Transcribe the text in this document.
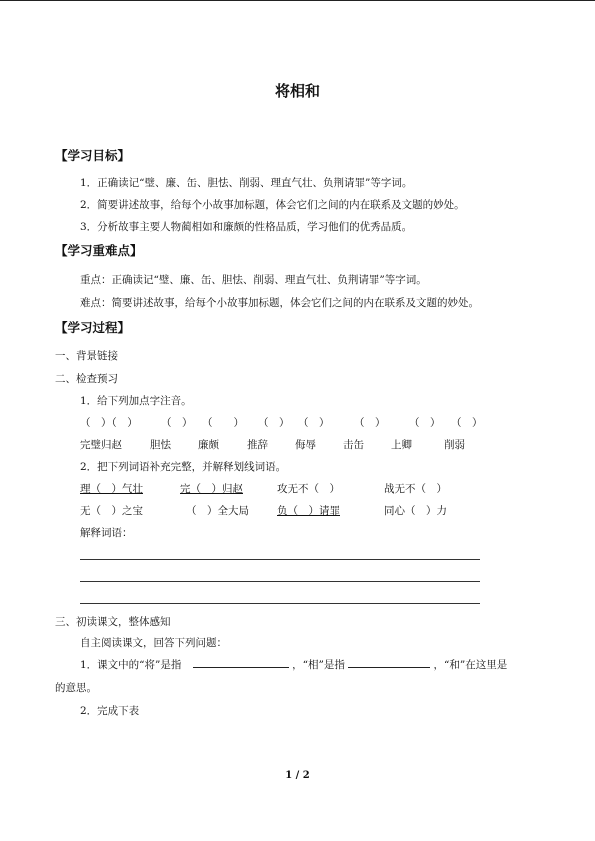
将相和
【学习目标】
1．正确读记“璧、廉、缶、胆怯、削弱、理直气壮、负荆请罪”等字词。
2．简要讲述故事，给每个小故事加标题，体会它们之间的内在联系及文题的妙处。
3．分析故事主要人物蔺相如和廉颇的性格品质，学习他们的优秀品质。
【学习重难点】
重点：正确读记“璧、廉、缶、胆怯、削弱、理直气壮、负荆请罪”等字词。
难点：简要讲述故事，给每个小故事加标题，体会它们之间的内在联系及文题的妙处。
【学习过程】
一、背景链接
二、检查预习
1．给下列加点字注音。
（　）（　） （　） （　　） （　） （　） （　） （　） （　）
完璧归赵	胆怯	廉颇	推辞	侮辱	击缶	上卿	削弱
2．把下列词语补充完整，并解释划线词语。
理（　）气壮	完（　）归赵	攻无不（　）	战无不（　）
无（　）之宝	（　）全大局	负（　）请罪	同心（　）力
解释词语：
三、初读课文，整体感知
自主阅读课文，回答下列问题：
1．课文中的“将”是指	，“相”是指	，“和”在这里是
的意思。
2．完成下表
1 / 2
